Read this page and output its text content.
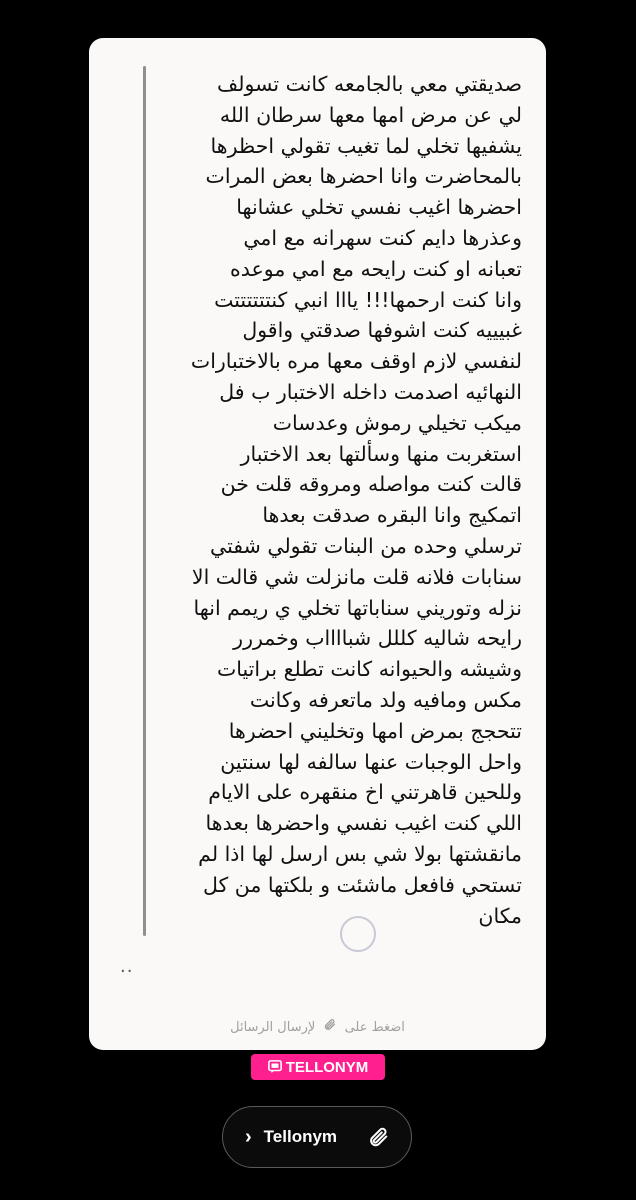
صديقتي معي بالجامعه كانت تسولف
لي عن مرض امها معها سرطان الله
يشفيها تخلي لما تغيب تقولي احظرها
بالمحاضرت وانا احضرها بعض المرات
احضرها اغيب نفسي تخلي عشانها
وعذرها دايم كنت سهرانه مع امي
تعبانه او كنت رايحه مع امي موعده
وانا كنت ارحمها!!! يااا انبي كنتتتتتتت
غبيييه كنت اشوفها صدقتي واقول
لنفسي لازم اوقف معها مره بالاختبارات
النهائيه اصدمت داخله الاختبار ب فل
ميكب تخيلي رموش وعدسات
استغربت منها وسألتها بعد الاختبار
قالت كنت مواصله ومروقه قلت خن
اتمكيج وانا البقره صدقت بعدها
ترسلي وحده من البنات تقولي شفتي
سنابات فلانه قلت مانزلت شي قالت الا
نزله وتوريني سناباتها تخلي ي ريمم انها
رايحه شاليه كللل شبااااب وخمررر
وشيشه والحيوانه كانت تطلع براتيات
مكس ومافيه ولد ماتعرفه وكانت
تتحجج بمرض امها وتخليني احضرها
واحل الوجبات عنها سالفه لها سنتين
وللحين قاهرتني اخ منقهره على الايام
اللي كنت اغيب نفسي واحضرها بعدها
مانقشتها بولا شي بس ارسل لها اذا لم
تستحي فافعل ماشئت و بلكتها من كل
مكان

..
اضغط على  لإرسال الرسائل
TELLONYM
› Tellonym
